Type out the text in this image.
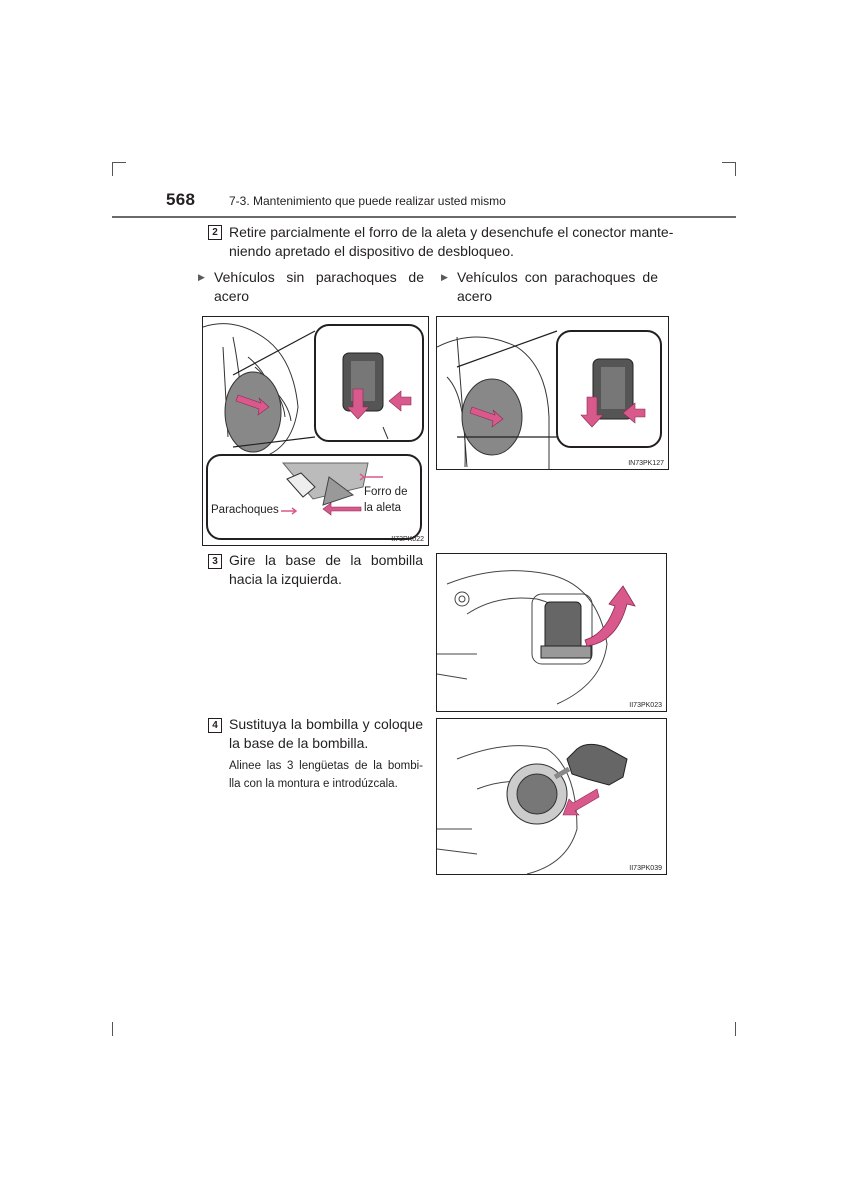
568	7-3. Mantenimiento que puede realizar usted mismo
2 Retire parcialmente el forro de la aleta y desenchufe el conector mante-
niendo apretado el dispositivo de desbloqueo.
▶ Vehículos sin parachoques de
acero
▶ Vehículos con parachoques de
acero
Parachoques
Forro de
la aleta
II73PK022
IN73PK127
3 Gire la base de la bombilla
hacia la izquierda.
II73PK023
4 Sustituya la bombilla y coloque
la base de la bombilla.
Alinee las 3 lengüetas de la bombi-
lla con la montura e introdúzcala.
II73PK039
